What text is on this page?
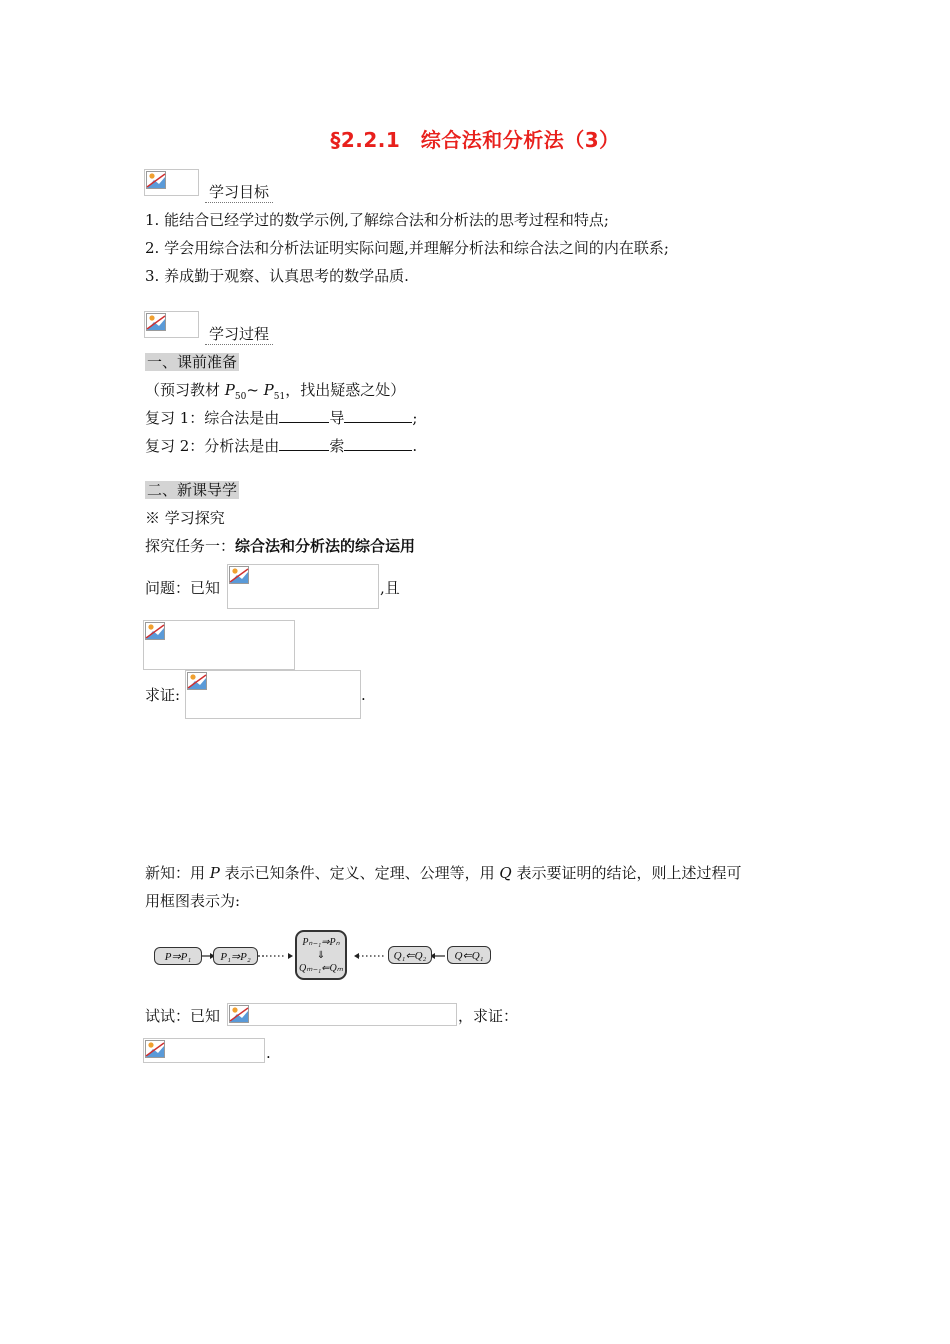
§2.2.1　综合法和分析法（3）
学习目标
1. 能结合已经学过的数学示例,了解综合法和分析法的思考过程和特点;
2. 学会用综合法和分析法证明实际问题,并理解分析法和综合法之间的内在联系;
3. 养成勤于观察、认真思考的数学品质.
学习过程
一、课前准备
（预习教材 $P_{50}\sim$ $P_{51}$，找出疑惑之处）
复习 1：综合法是由	导	;
复习 2：分析法是由	索	.
二、新课导学
※ 学习探究
探究任务一：综合法和分析法的综合运用
问题：已知	,且
求证:	.
新知：用 P 表示已知条件、定义、定理、公理等，用 Q 表示要证明的结论，则上述过程可
用框图表示为:
P⇒P₁	P₁⇒P₂
Pₙ₋₁⇒Pₙ
⇓
Qₘ₋₁⇐Qₘ
Q₁⇐Q₂	Q⇐Q₁
试试：已知	，求证：
.
